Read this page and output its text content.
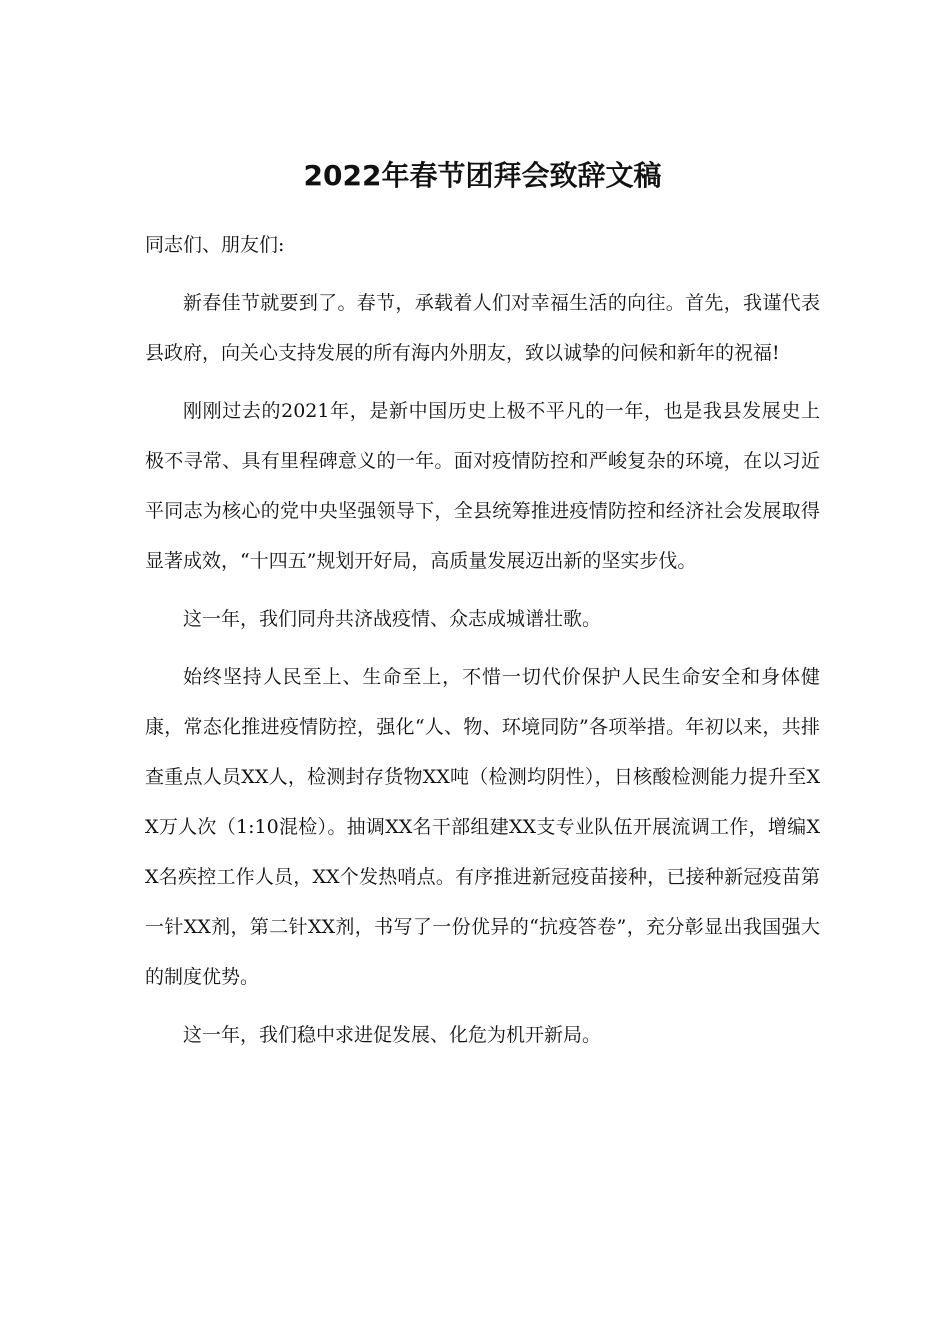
2022年春节团拜会致辞文稿

同志们、朋友们:

新春佳节就要到了。春节，承载着人们对幸福生活的向往。首先，我谨代表县政府，向关心支持发展的所有海内外朋友，致以诚挚的问候和新年的祝福!

刚刚过去的2021年，是新中国历史上极不平凡的一年，也是我县发展史上极不寻常、具有里程碑意义的一年。面对疫情防控和严峻复杂的环境，在以习近平同志为核心的党中央坚强领导下，全县统筹推进疫情防控和经济社会发展取得显著成效，“十四五”规划开好局，高质量发展迈出新的坚实步伐。

这一年，我们同舟共济战疫情、众志成城谱壮歌。

始终坚持人民至上、生命至上，不惜一切代价保护人民生命安全和身体健康，常态化推进疫情防控，强化“人、物、环境同防”各项举措。年初以来，共排查重点人员XX人，检测封存货物XX吨（检测均阴性），日核酸检测能力提升至XX万人次（1:10混检）。抽调XX名干部组建XX支专业队伍开展流调工作，增编XX名疾控工作人员，XX个发热哨点。有序推进新冠疫苗接种，已接种新冠疫苗第一针XX剂，第二针XX剂，书写了一份优异的“抗疫答卷”，充分彰显出我国强大的制度优势。

这一年，我们稳中求进促发展、化危为机开新局。
